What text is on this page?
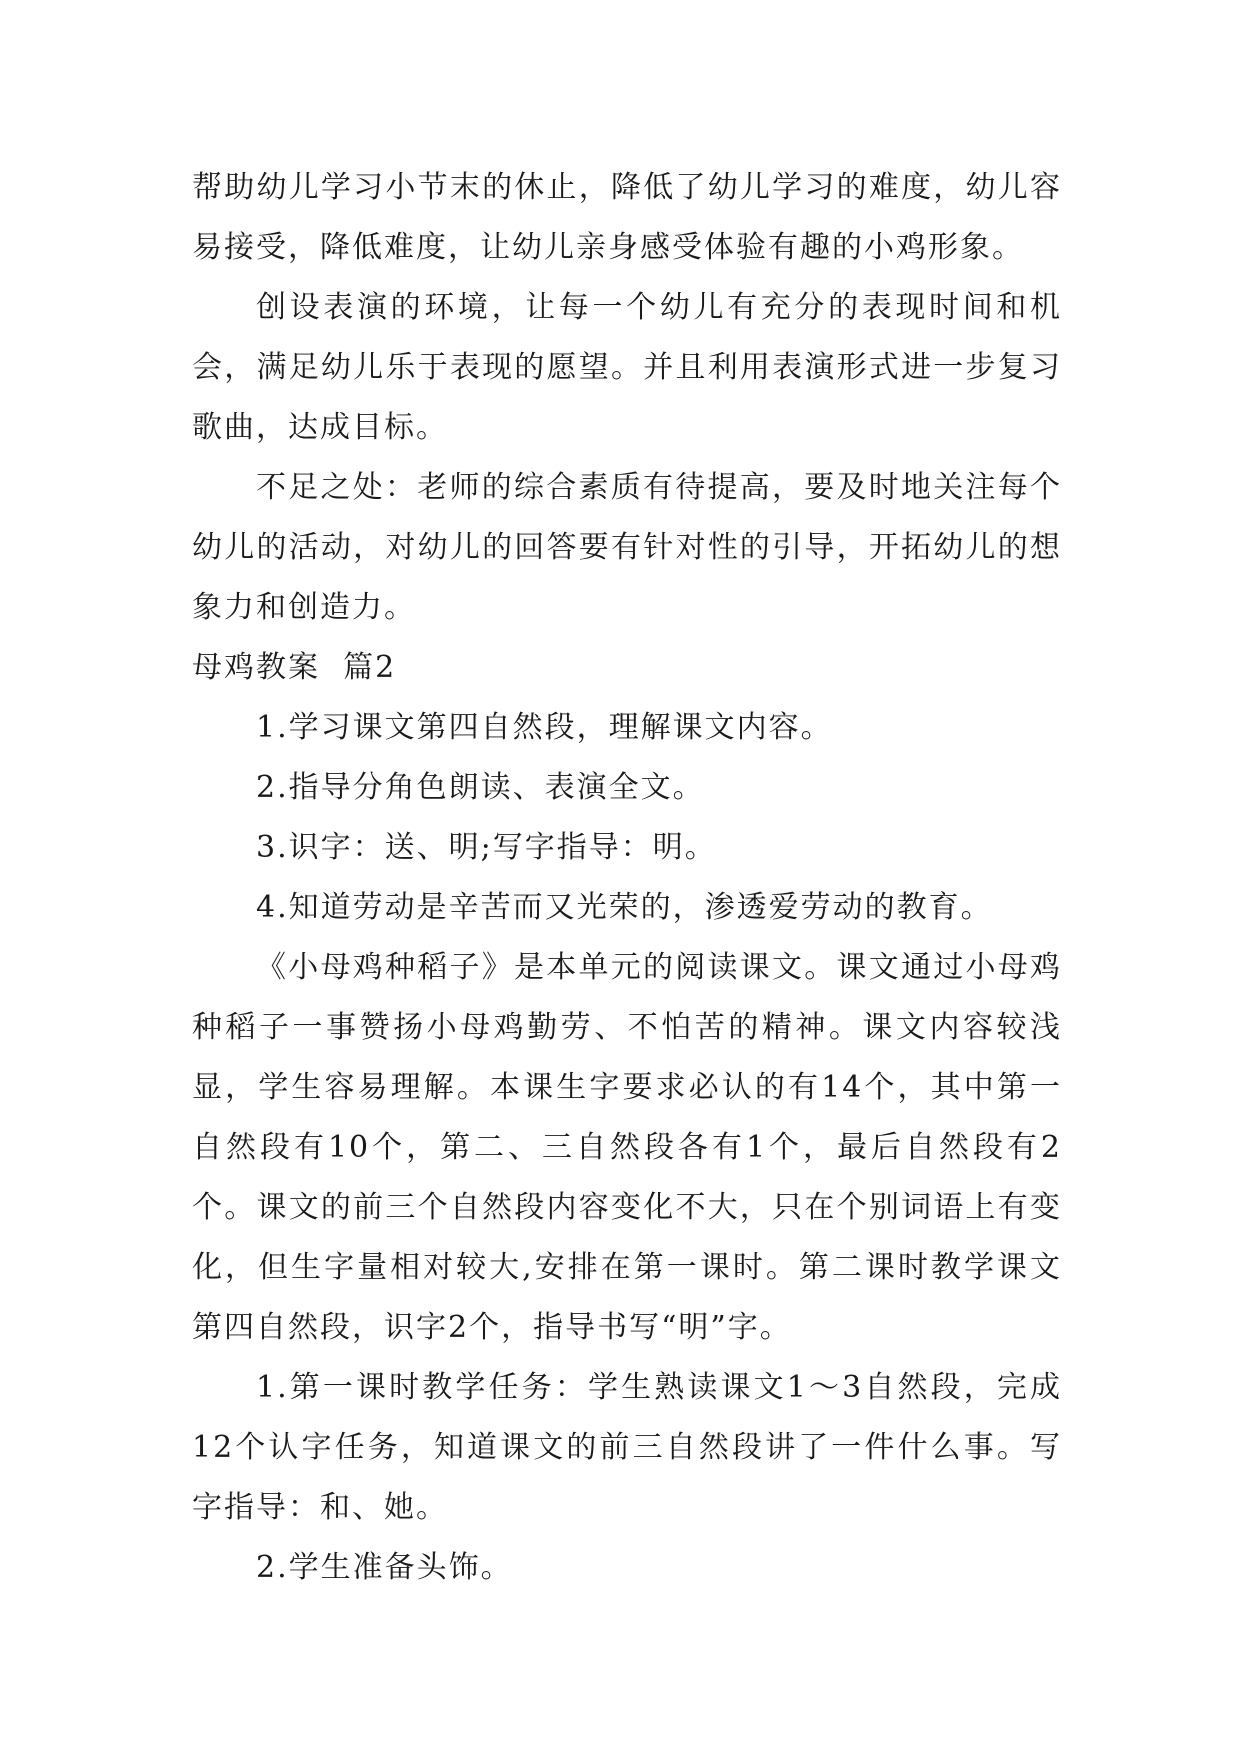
帮助幼儿学习小节末的休止，降低了幼儿学习的难度，幼儿容易接受，降低难度，让幼儿亲身感受体验有趣的小鸡形象。

创设表演的环境，让每一个幼儿有充分的表现时间和机会，满足幼儿乐于表现的愿望。并且利用表演形式进一步复习歌曲，达成目标。

不足之处：老师的综合素质有待提高，要及时地关注每个幼儿的活动，对幼儿的回答要有针对性的引导，开拓幼儿的想象力和创造力。

母鸡教案  篇2

1.学习课文第四自然段，理解课文内容。

2.指导分角色朗读、表演全文。

3.识字：送、明;写字指导：明。

4.知道劳动是辛苦而又光荣的，渗透爱劳动的教育。

《小母鸡种稻子》是本单元的阅读课文。课文通过小母鸡种稻子一事赞扬小母鸡勤劳、不怕苦的精神。课文内容较浅显，学生容易理解。本课生字要求必认的有14个，其中第一自然段有10个，第二、三自然段各有1个，最后自然段有2个。课文的前三个自然段内容变化不大，只在个别词语上有变化，但生字量相对较大,安排在第一课时。第二课时教学课文第四自然段，识字2个，指导书写“明”字。

1.第一课时教学任务：学生熟读课文1～3自然段，完成12个认字任务，知道课文的前三自然段讲了一件什么事。写字指导：和、她。

2.学生准备头饰。
